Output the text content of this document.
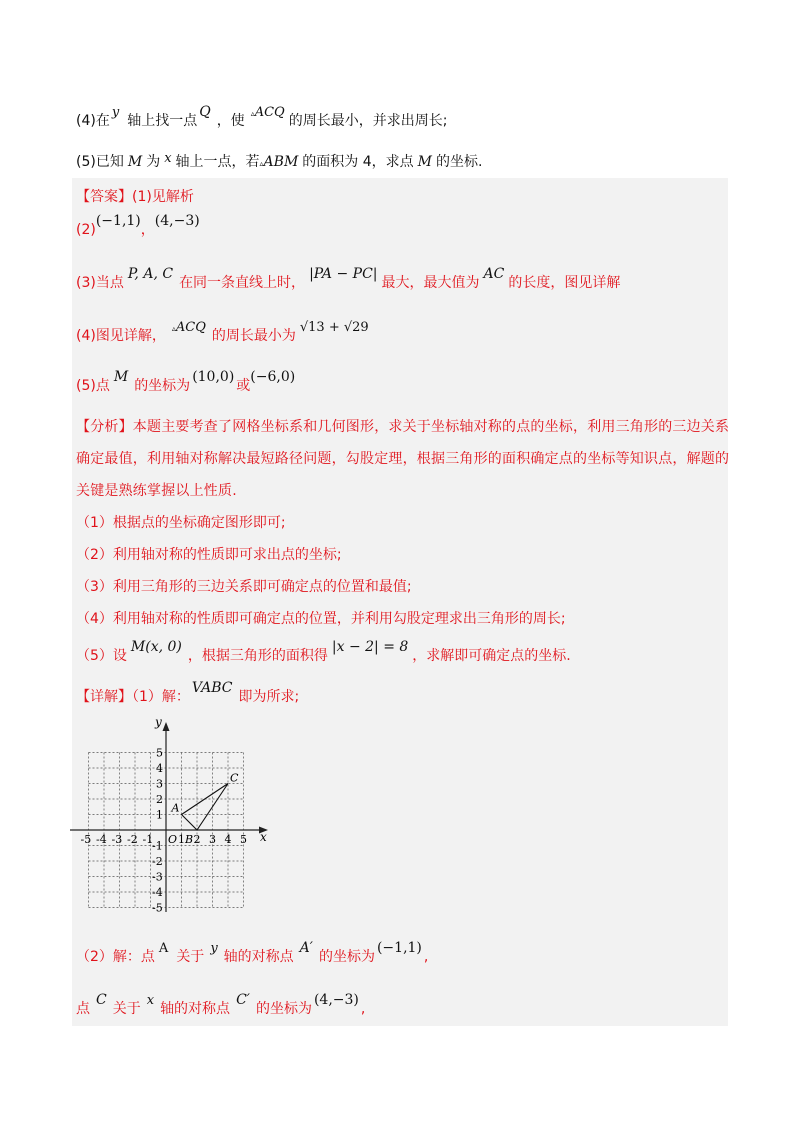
(4)在y轴上找一点Q，使 ▵ACQ的周长最小，并求出周长;
(5)已知 M 为 x 轴上一点，若▵ABM 的面积为 4，求点 M 的坐标.
【答案】(1)见解析
(2)(−1,1)，(4,−3)
(3)当点P, A, C在同一条直线上时，|PA − PC|最大，最大值为AC的长度，图见详解
(4)图见详解， ▵ACQ的周长最小为√13 + √29
(5)点M的坐标为(10,0)或(−6,0)
【分析】本题主要考查了网格坐标系和几何图形，求关于坐标轴对称的点的坐标，利用三角形的三边关系
确定最值，利用轴对称解决最短路径问题，勾股定理，根据三角形的面积确定点的坐标等知识点，解题的
关键是熟练掌握以上性质.
（1）根据点的坐标确定图形即可;
（2）利用轴对称的性质即可求出点的坐标;
（3）利用三角形的三边关系即可确定点的位置和最值;
（4）利用轴对称的性质即可确定点的位置，并利用勾股定理求出三角形的周长;
（5）设M(x, 0)，根据三角形的面积得|x − 2| = 8，求解即可确定点的坐标.
【详解】（1）解：VABC即为所求;
x
y
-5 -4 -3 -2 -1 1 2 3 4 5
5
4
3
2
1
-1
-2
-3
-4
-5
O
A
B
C
（2）解：点A关于y轴的对称点A′的坐标为(−1,1),
点C关于x轴的对称点C′的坐标为(4,−3),
